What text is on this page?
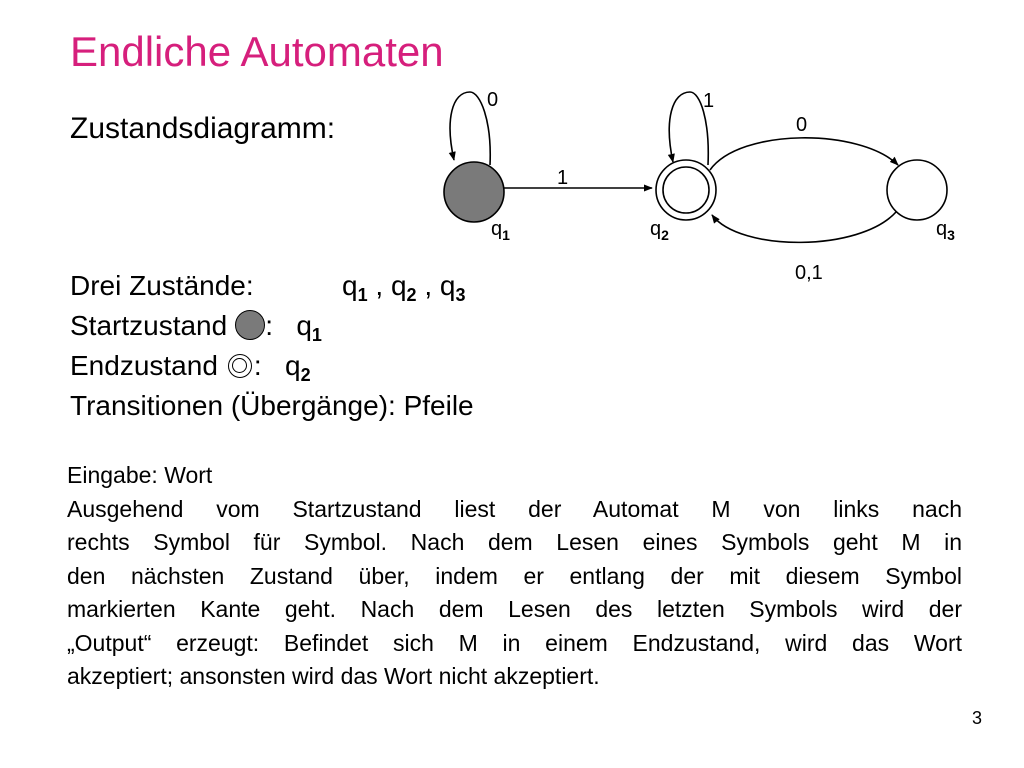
Endliche Automaten
Zustandsdiagramm:
0
1
1
0
0,1
$q_1$	$q_2$	$q_3$
Drei Zustände:	$q_1$ , $q_2$ , $q_3$
Startzustand : $q_1$
Endzustand : $q_2$
Transitionen (Übergänge): Pfeile
Eingabe: Wort
Ausgehend vom Startzustand liest der Automat M von links nach
rechts Symbol für Symbol. Nach dem Lesen eines Symbols geht M in
den nächsten Zustand über, indem er entlang der mit diesem Symbol
markierten Kante geht. Nach dem Lesen des letzten Symbols wird der
„Output“ erzeugt: Befindet sich M in einem Endzustand, wird das Wort
akzeptiert; ansonsten wird das Wort nicht akzeptiert.
3
